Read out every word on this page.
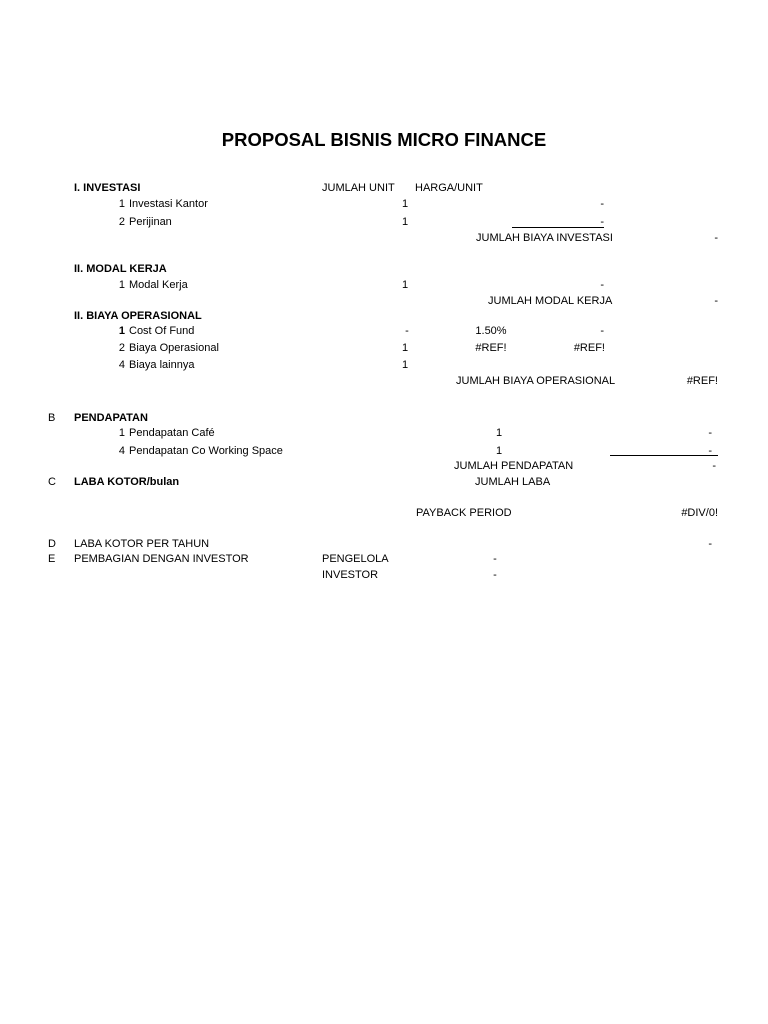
PROPOSAL BISNIS MICRO FINANCE
I. INVESTASI	JUMLAH UNIT HARGA/UNIT
1 Investasi Kantor	1	-
2 Perijinan	1	-
JUMLAH BIAYA INVESTASI	-
II. MODAL KERJA
1 Modal Kerja	1	-
JUMLAH MODAL KERJA	-
II. BIAYA OPERASIONAL
1 Cost Of Fund	-	1.50%	-
2 Biaya Operasional	1	#REF!	#REF!
4 Biaya lainnya	1
JUMLAH BIAYA OPERASIONAL	#REF!
B PENDAPATAN
1 Pendapatan Café	1	-
4 Pendapatan Co Working Space	1	-
JUMLAH PENDAPATAN	-
C LABA KOTOR/bulan	JUMLAH LABA
PAYBACK PERIOD	#DIV/0!
D LABA KOTOR PER TAHUN	-
E PEMBAGIAN DENGAN INVESTOR	PENGELOLA	-
INVESTOR	-
